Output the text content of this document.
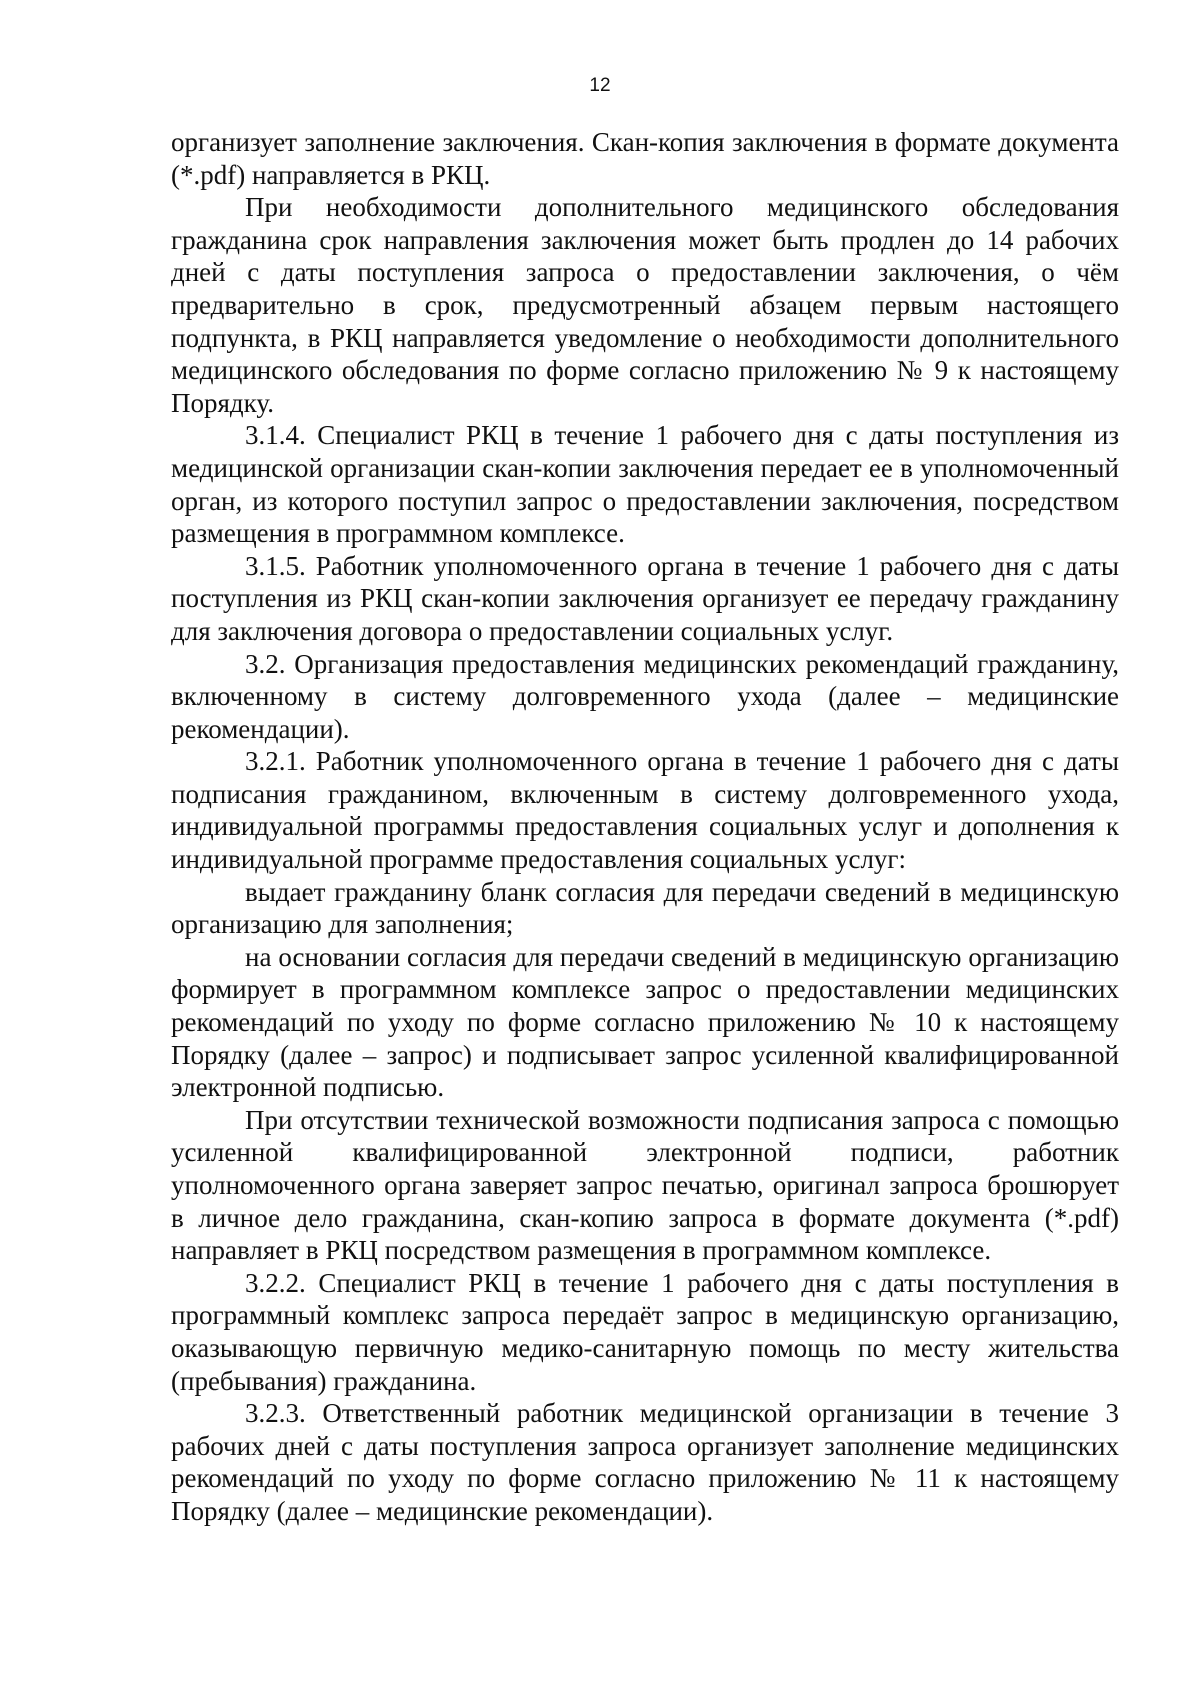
12

организует заполнение заключения. Скан-копия заключения в формате документа (*.pdf) направляется в РКЦ.

При необходимости дополнительного медицинского обследования гражданина срок направления заключения может быть продлен до 14 рабочих дней с даты поступления запроса о предоставлении заключения, о чём предварительно в срок, предусмотренный абзацем первым настоящего подпункта, в РКЦ направляется уведомление о необходимости дополнительного медицинского обследования по форме согласно приложению № 9 к настоящему Порядку.

3.1.4. Специалист РКЦ в течение 1 рабочего дня с даты поступления из медицинской организации скан-копии заключения передает ее в уполномоченный орган, из которого поступил запрос о предоставлении заключения, посредством размещения в программном комплексе.

3.1.5. Работник уполномоченного органа в течение 1 рабочего дня с даты поступления из РКЦ скан-копии заключения организует ее передачу гражданину для заключения договора о предоставлении социальных услуг.

3.2. Организация предоставления медицинских рекомендаций гражданину, включенному в систему долговременного ухода (далее – медицинские рекомендации).

3.2.1. Работник уполномоченного органа в течение 1 рабочего дня с даты подписания гражданином, включенным в систему долговременного ухода, индивидуальной программы предоставления социальных услуг и дополнения к индивидуальной программе предоставления социальных услуг:

выдает гражданину бланк согласия для передачи сведений в медицинскую организацию для заполнения;

на основании согласия для передачи сведений в медицинскую организацию формирует в программном комплексе запрос о предоставлении медицинских рекомендаций по уходу по форме согласно приложению № 10 к настоящему Порядку (далее – запрос) и подписывает запрос усиленной квалифицированной электронной подписью.

При отсутствии технической возможности подписания запроса с помощью усиленной квалифицированной электронной подписи, работник уполномоченного органа заверяет запрос печатью, оригинал запроса брошюрует в личное дело гражданина, скан-копию запроса в формате документа (*.pdf) направляет в РКЦ посредством размещения в программном комплексе.

3.2.2. Специалист РКЦ в течение 1 рабочего дня с даты поступления в программный комплекс запроса передаёт запрос в медицинскую организацию, оказывающую первичную медико-санитарную помощь по месту жительства (пребывания) гражданина.

3.2.3. Ответственный работник медицинской организации в течение 3 рабочих дней с даты поступления запроса организует заполнение медицинских рекомендаций по уходу по форме согласно приложению № 11 к настоящему Порядку (далее – медицинские рекомендации).
